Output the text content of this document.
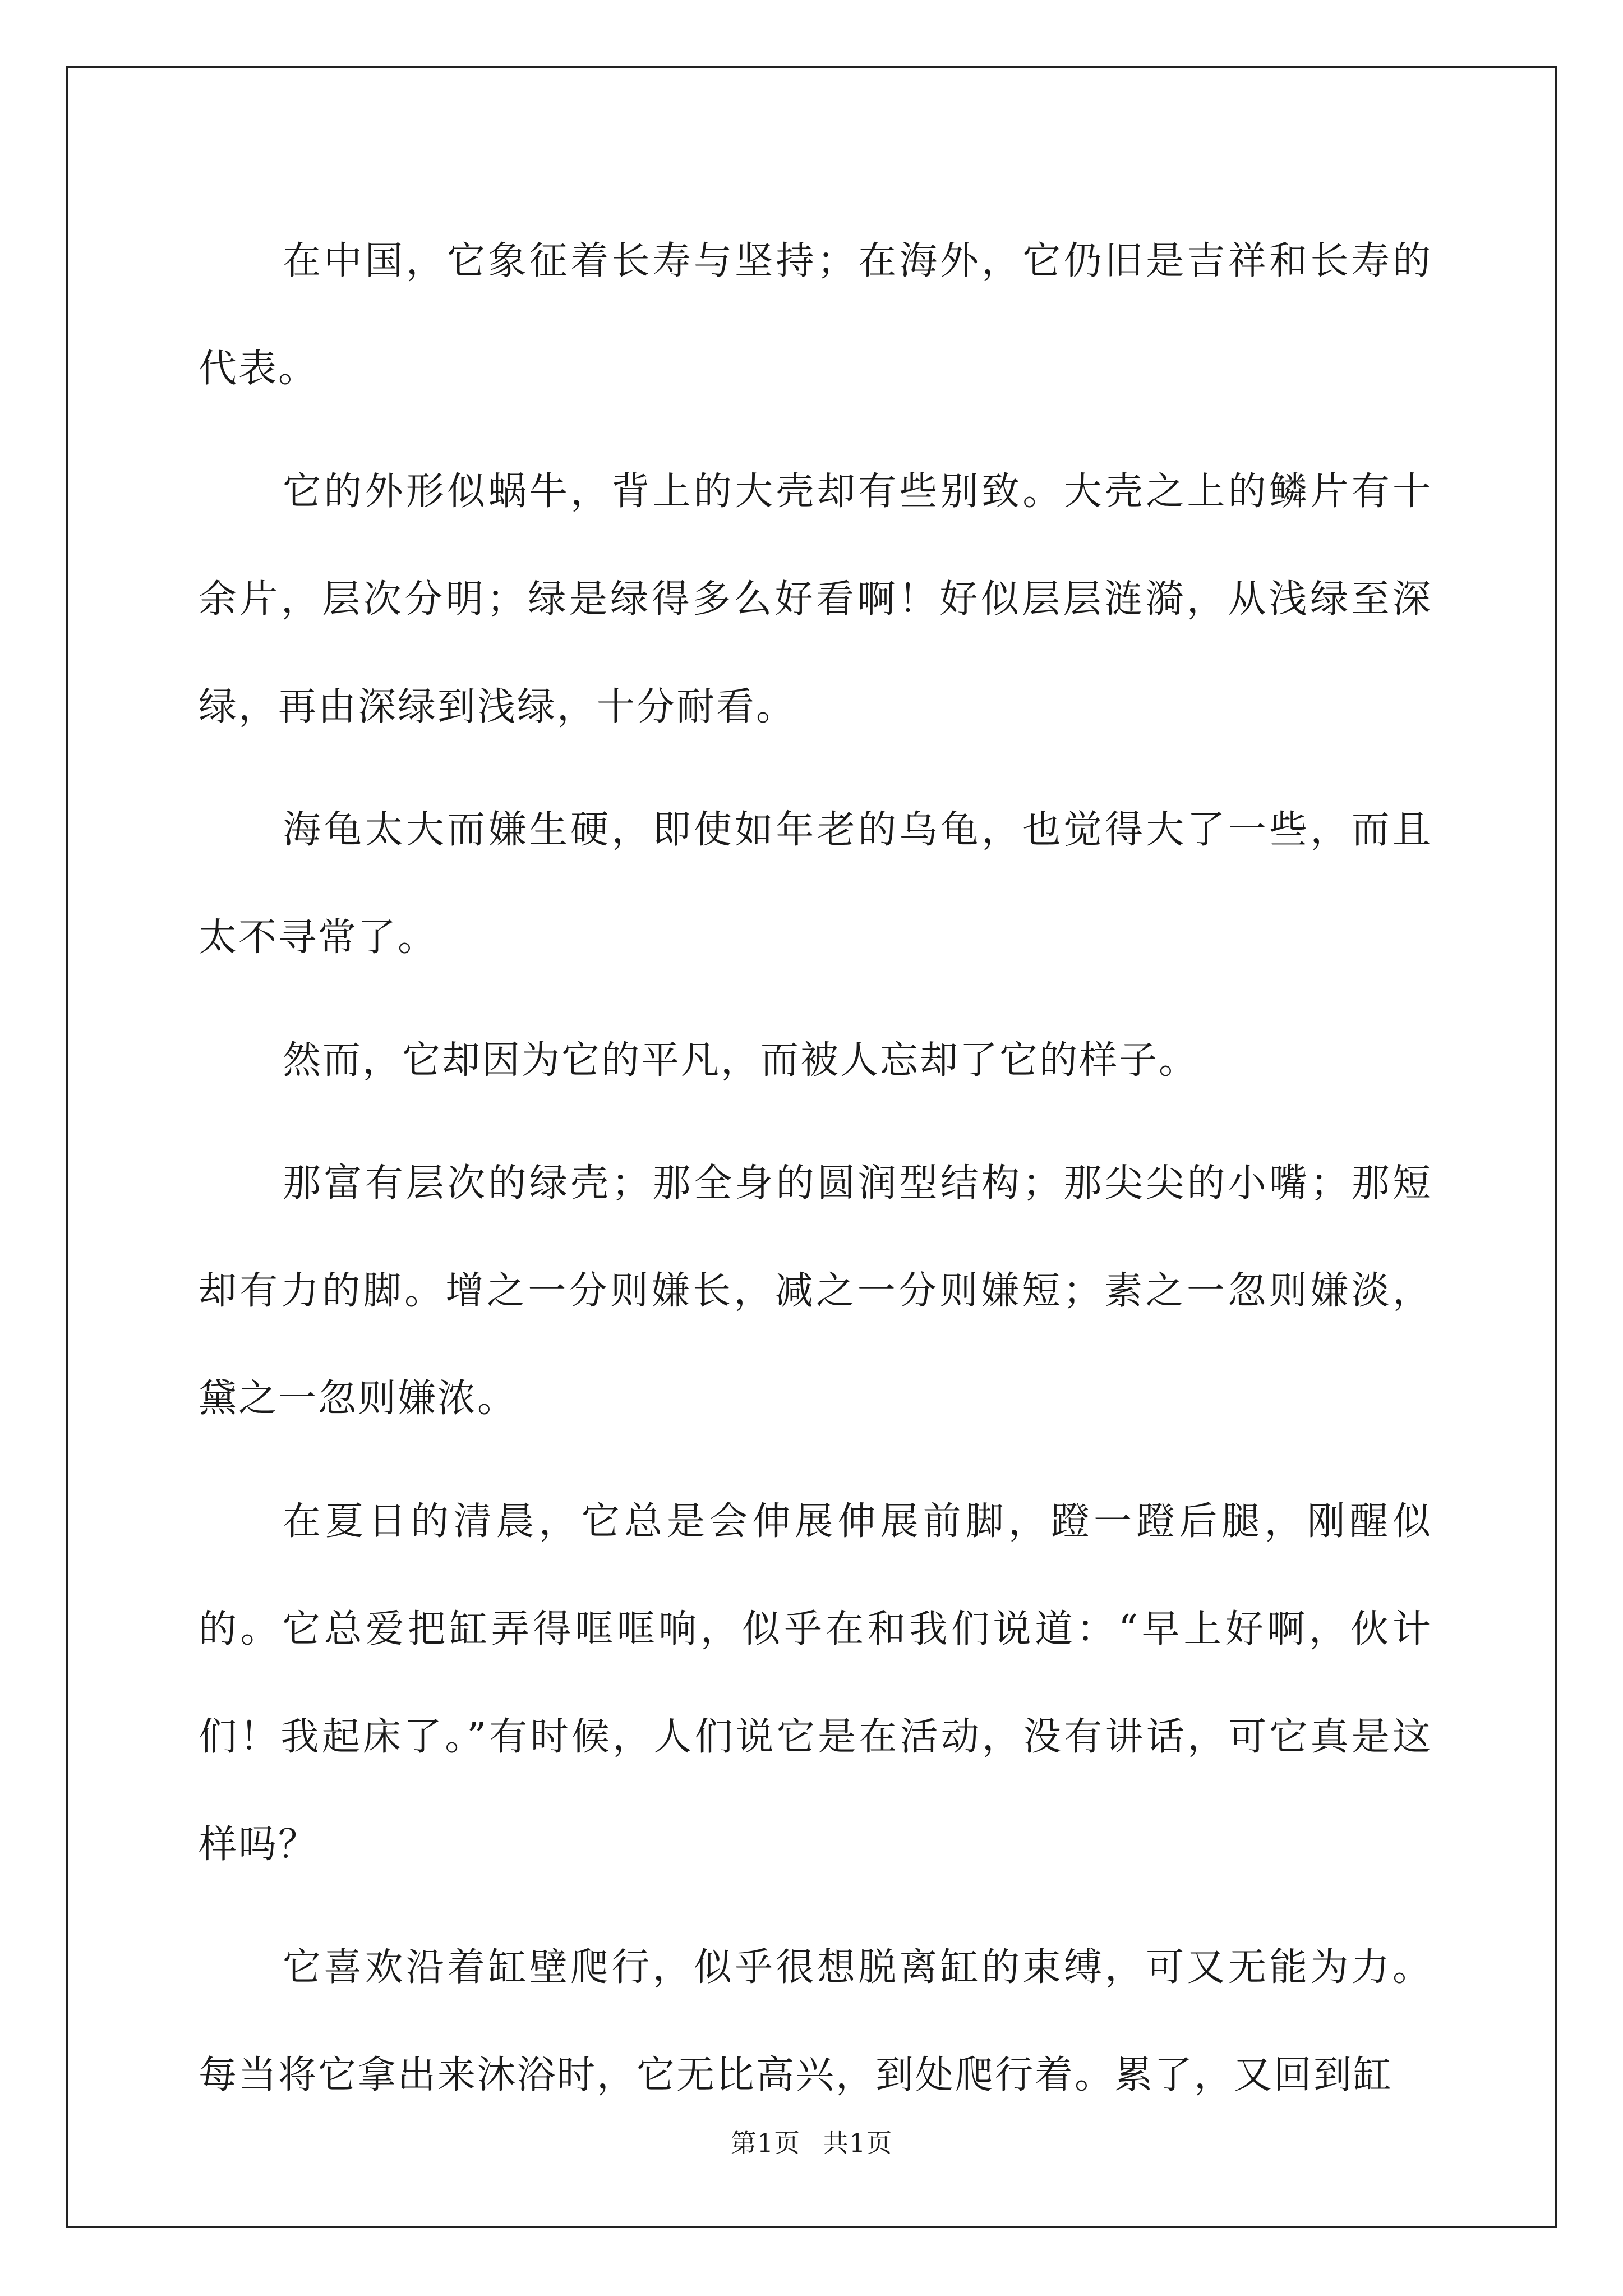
在中国，它象征着长寿与坚持；在海外，它仍旧是吉祥和长寿的代表。

它的外形似蜗牛，背上的大壳却有些别致。大壳之上的鳞片有十余片，层次分明；绿是绿得多么好看啊！好似层层涟漪，从浅绿至深绿，再由深绿到浅绿，十分耐看。

海龟太大而嫌生硬，即使如年老的乌龟，也觉得大了一些，而且太不寻常了。

然而，它却因为它的平凡，而被人忘却了它的样子。

那富有层次的绿壳；那全身的圆润型结构；那尖尖的小嘴；那短却有力的脚。增之一分则嫌长，减之一分则嫌短；素之一忽则嫌淡，黛之一忽则嫌浓。

在夏日的清晨，它总是会伸展伸展前脚，蹬一蹬后腿，刚醒似的。它总爱把缸弄得哐哐响，似乎在和我们说道：“早上好啊，伙计们！我起床了。”有时候，人们说它是在活动，没有讲话，可它真是这样吗？

它喜欢沿着缸壁爬行，似乎很想脱离缸的束缚，可又无能为力。每当将它拿出来沐浴时，它无比高兴，到处爬行着。累了，又回到缸

第1页 共1页
